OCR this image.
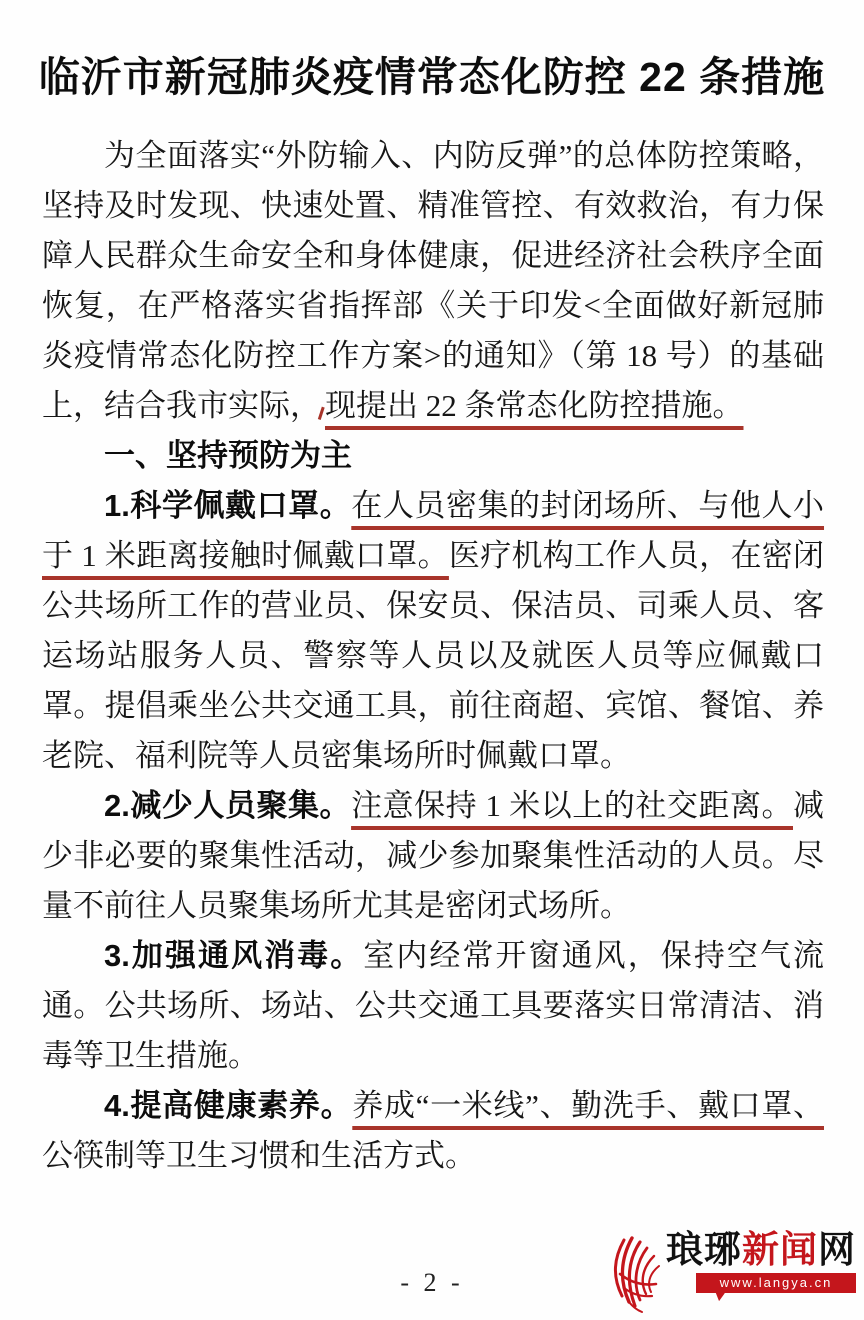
临沂市新冠肺炎疫情常态化防控 22 条措施

为全面落实“外防输入、内防反弹”的总体防控策略，坚持及时发现、快速处置、精准管控、有效救治，有力保障人民群众生命安全和身体健康，促进经济社会秩序全面恢复，在严格落实省指挥部《关于印发<全面做好新冠肺炎疫情常态化防控工作方案>的通知》（第 18 号）的基础上，结合我市实际， 现提出 22 条常态化防控措施。

一、坚持预防为主

1.科学佩戴口罩。在人员密集的封闭场所、与他人小于 1 米距离接触时佩戴口罩。医疗机构工作人员，在密闭公共场所工作的营业员、保安员、保洁员、司乘人员、客运场站服务人员、警察等人员以及就医人员等应佩戴口罩。提倡乘坐公共交通工具，前往商超、宾馆、餐馆、养老院、福利院等人员密集场所时佩戴口罩。

2.减少人员聚集。注意保持 1 米以上的社交距离。减少非必要的聚集性活动，减少参加聚集性活动的人员。尽量不前往人员聚集场所尤其是密闭式场所。

3.加强通风消毒。室内经常开窗通风，保持空气流通。公共场所、场站、公共交通工具要落实日常清洁、消毒等卫生措施。

4.提高健康素养。养成“一米线”、勤洗手、戴口罩、公筷制等卫生习惯和生活方式。

- 2 -
琅琊新闻网
www.langya.cn
